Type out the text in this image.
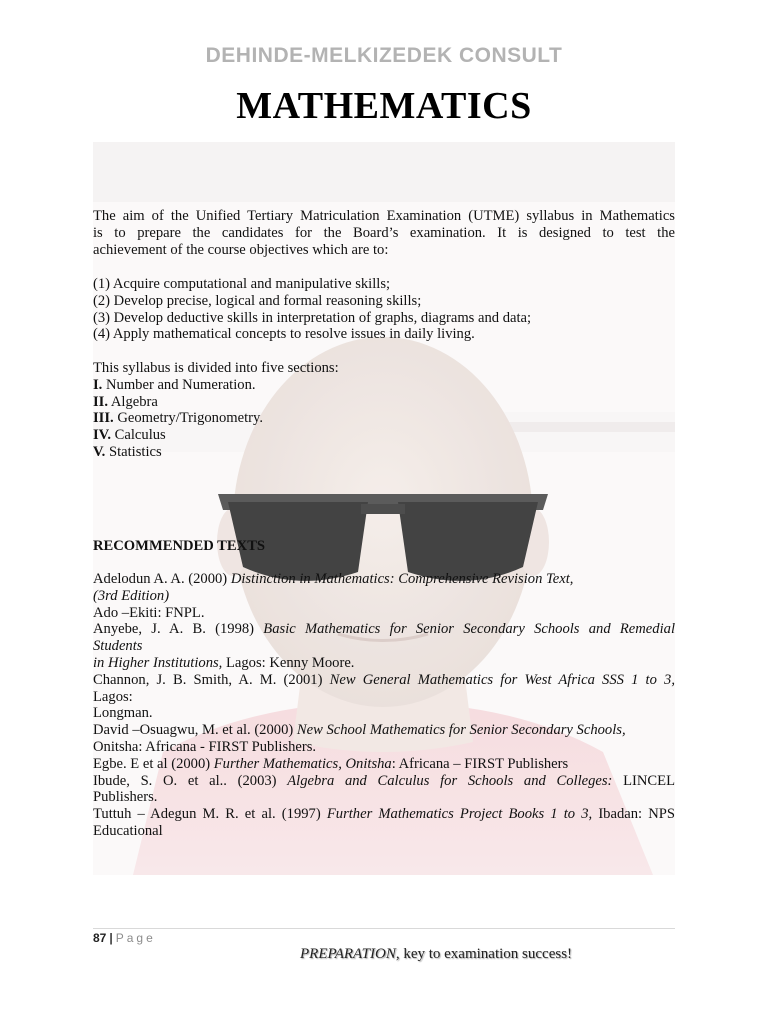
DEHINDE-MELKIZEDEK CONSULT
MATHEMATICS
The aim of the Unified Tertiary Matriculation Examination (UTME) syllabus in Mathematics
is to prepare the candidates for the Board’s examination. It is designed to test the
achievement of the course objectives which are to:
(1) Acquire computational and manipulative skills;
(2) Develop precise, logical and formal reasoning skills;
(3) Develop deductive skills in interpretation of graphs, diagrams and data;
(4) Apply mathematical concepts to resolve issues in daily living.
This syllabus is divided into five sections:
I. Number and Numeration.
II. Algebra
III. Geometry/Trigonometry.
IV. Calculus
V. Statistics
RECOMMENDED TEXTS
Adelodun A. A. (2000) Distinction in Mathematics: Comprehensive Revision Text,
(3rd Edition)
Ado –Ekiti: FNPL.
Anyebe, J. A. B. (1998) Basic Mathematics for Senior Secondary Schools and Remedial
Students
in Higher Institutions, Lagos: Kenny Moore.
Channon, J. B. Smith, A. M. (2001) New General Mathematics for West Africa SSS 1 to 3,
Lagos:
Longman.
David –Osuagwu, M. et al. (2000) New School Mathematics for Senior Secondary Schools,
Onitsha: Africana - FIRST Publishers.
Egbe. E et al (2000) Further Mathematics, Onitsha: Africana – FIRST Publishers
Ibude, S. O. et al.. (2003) Algebra and Calculus for Schools and Colleges: LINCEL
Publishers.
Tuttuh – Adegun M. R. et al. (1997) Further Mathematics Project Books 1 to 3, Ibadan: NPS
Educational
87 | Page
PREPARATION, key to examination success!
